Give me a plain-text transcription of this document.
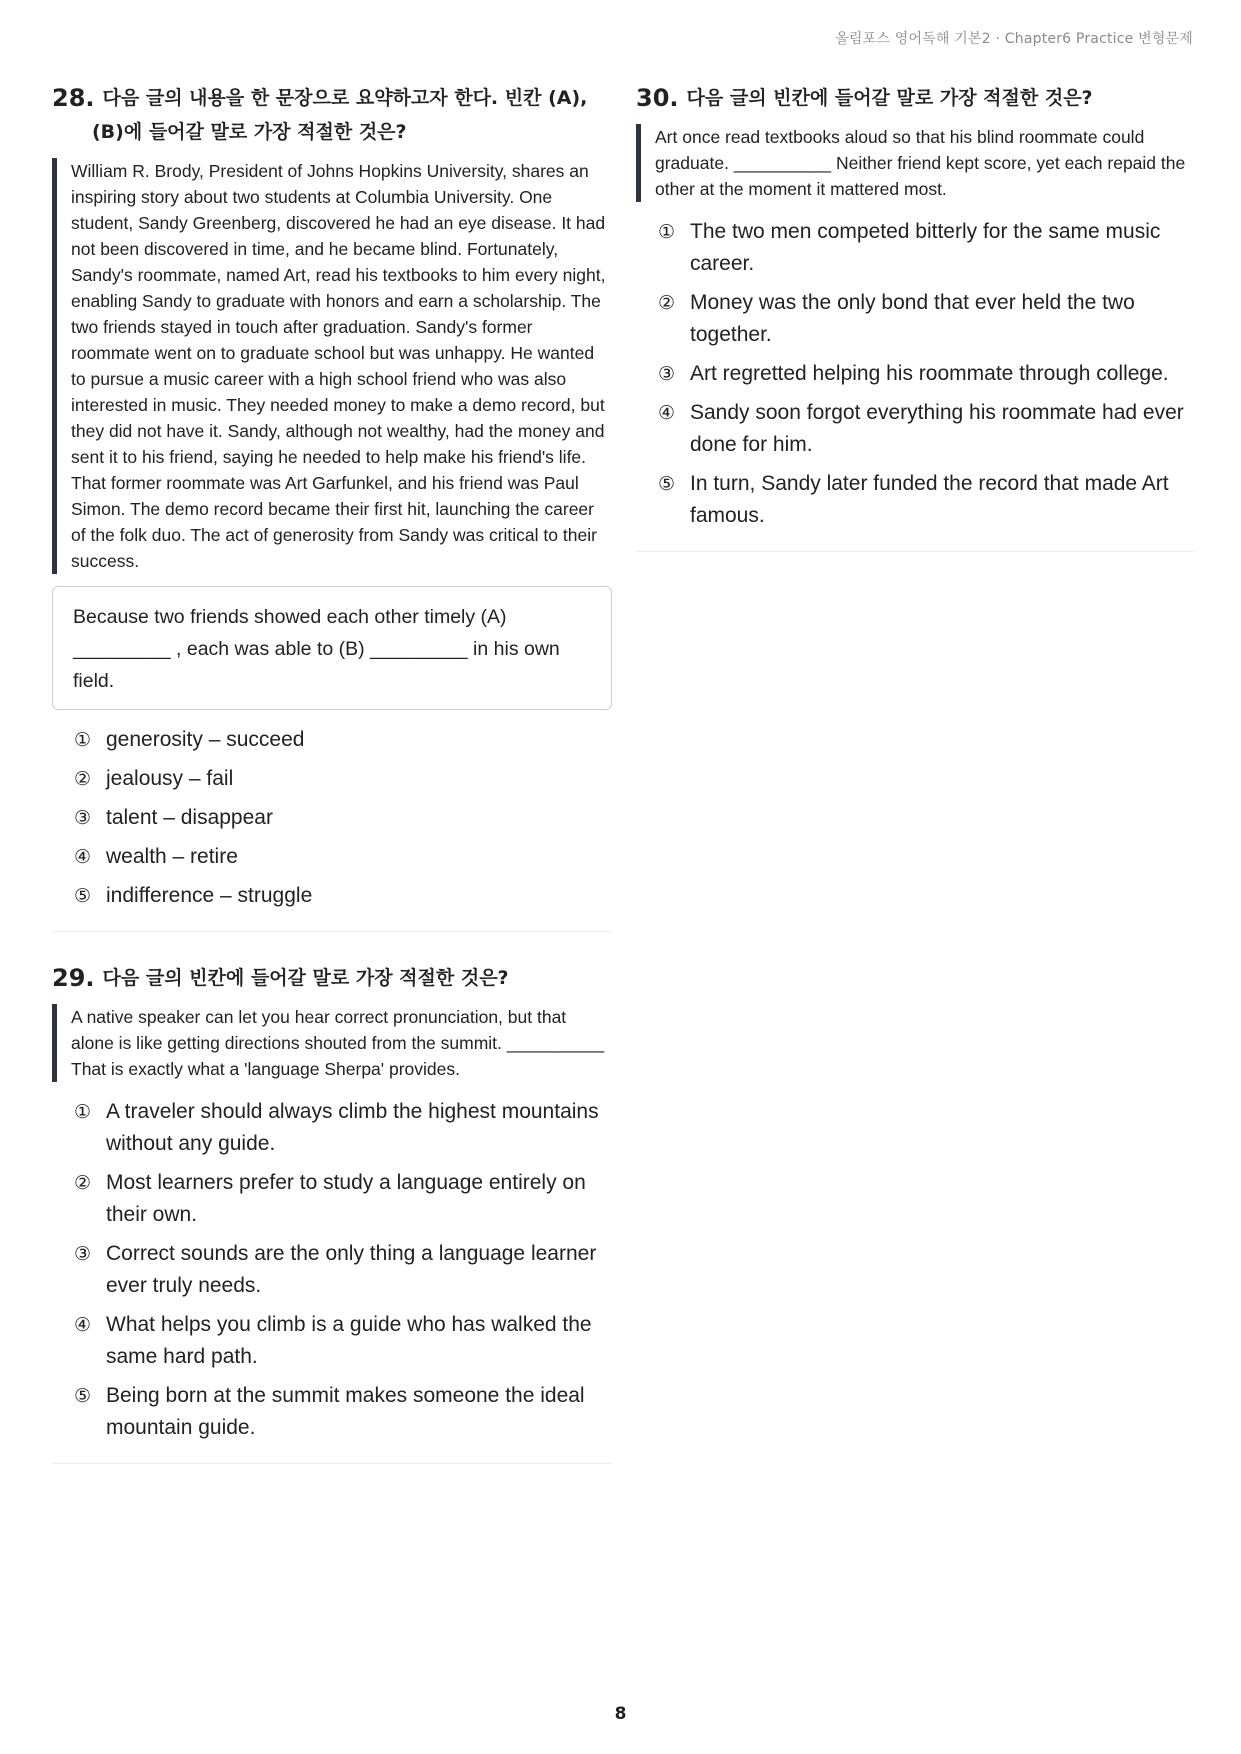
올림포스 영어독해 기본2 · Chapter6 Practice 변형문제
28. 다음 글의 내용을 한 문장으로 요약하고자 한다. 빈칸 (A),
(B)에 들어갈 말로 가장 적절한 것은?
William R. Brody, President of Johns Hopkins University, shares an inspiring story about two students at Columbia University. One student, Sandy Greenberg, discovered he had an eye disease. It had not been discovered in time, and he became blind. Fortunately, Sandy's roommate, named Art, read his textbooks to him every night, enabling Sandy to graduate with honors and earn a scholarship. The two friends stayed in touch after graduation. Sandy's former roommate went on to graduate school but was unhappy. He wanted to pursue a music career with a high school friend who was also interested in music. They needed money to make a demo record, but they did not have it. Sandy, although not wealthy, had the money and sent it to his friend, saying he needed to help make his friend's life. That former roommate was Art Garfunkel, and his friend was Paul Simon. The demo record became their first hit, launching the career of the folk duo. The act of generosity from Sandy was critical to their success.
Because two friends showed each other timely (A) _________ , each was able to (B) _________ in his own field.
① generosity – succeed
② jealousy – fail
③ talent – disappear
④ wealth – retire
⑤ indifference – struggle
29. 다음 글의 빈칸에 들어갈 말로 가장 적절한 것은?
A native speaker can let you hear correct pronunciation, but that alone is like getting directions shouted from the summit. __________ That is exactly what a 'language Sherpa' provides.
① A traveler should always climb the highest mountains without any guide.
② Most learners prefer to study a language entirely on their own.
③ Correct sounds are the only thing a language learner ever truly needs.
④ What helps you climb is a guide who has walked the same hard path.
⑤ Being born at the summit makes someone the ideal mountain guide.
30. 다음 글의 빈칸에 들어갈 말로 가장 적절한 것은?
Art once read textbooks aloud so that his blind roommate could graduate. __________ Neither friend kept score, yet each repaid the other at the moment it mattered most.
① The two men competed bitterly for the same music career.
② Money was the only bond that ever held the two together.
③ Art regretted helping his roommate through college.
④ Sandy soon forgot everything his roommate had ever done for him.
⑤ In turn, Sandy later funded the record that made Art famous.
8
